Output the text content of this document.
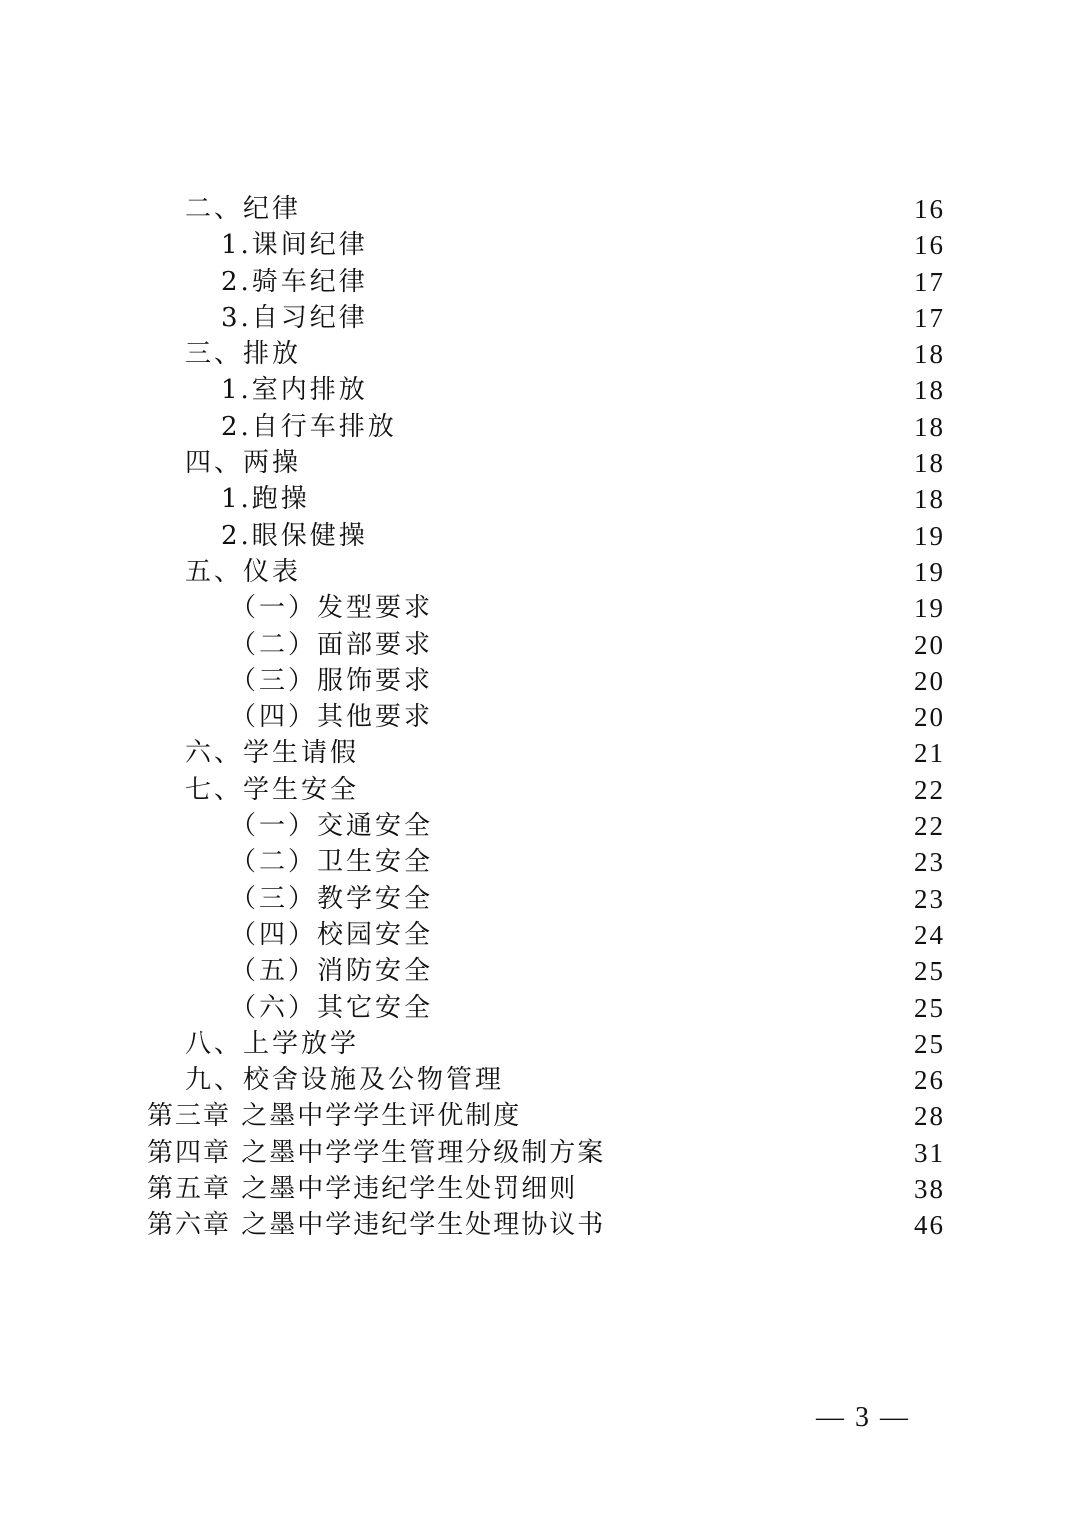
二、纪律	16
1.课间纪律	16
2.骑车纪律	17
3.自习纪律	17
三、排放	18
1.室内排放	18
2.自行车排放	18
四、两操	18
1.跑操	18
2.眼保健操	19
五、仪表	19
（一）发型要求	19
（二）面部要求	20
（三）服饰要求	20
（四）其他要求	20
六、学生请假	21
七、学生安全	22
（一）交通安全	22
（二）卫生安全	23
（三）教学安全	23
（四）校园安全	24
（五）消防安全	25
（六）其它安全	25
八、上学放学	25
九、校舍设施及公物管理	26
第三章 之墨中学学生评优制度	28
第四章 之墨中学学生管理分级制方案	31
第五章 之墨中学违纪学生处罚细则	38
第六章 之墨中学违纪学生处理协议书	46
— 3 —
